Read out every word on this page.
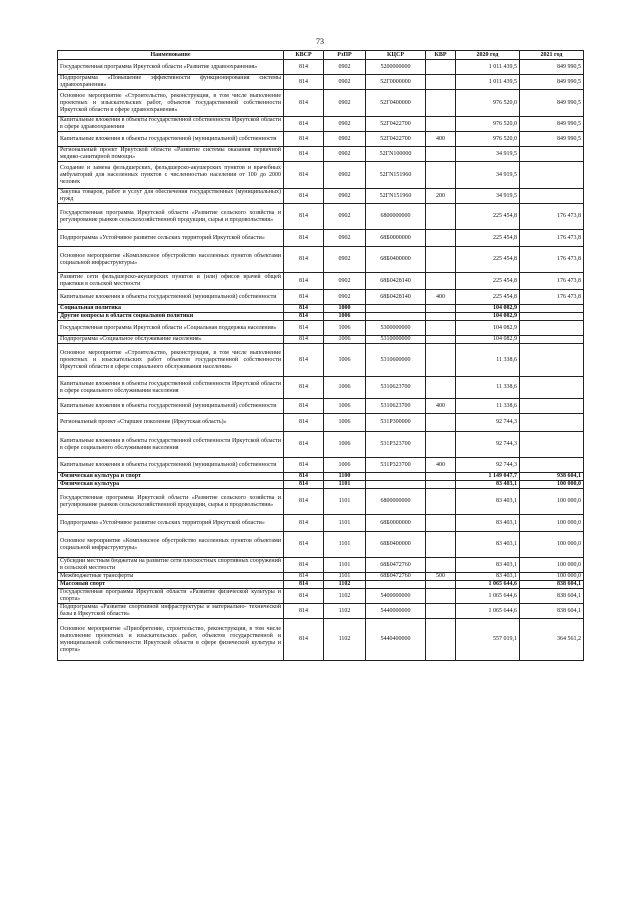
73
Наименование	КВСР	РзПР	КЦСР	КВР	2020 год	2021 год
Государственная программа Иркутской области «Развитие здравоохранения»	814	0902	5200000000		1 011 439,5	849 990,5
Подпрограмма «Повышение эффективности функционирования системы здравоохранения»	814	0902	52Г0000000		1 011 439,5	849 990,5
Основное мероприятие «Строительство, реконструкция, в том числе выполнение проектных и изыскательских работ, объектов государственной собственности Иркутской области в сфере здравоохранения»	814	0902	52Г0400000		976 520,0	849 990,5
Капитальные вложения в объекты государственной собственности Иркутской области в сфере здравоохранения	814	0902	52Г0422700		976 520,0	849 990,5
Капитальные вложения в объекты государственной (муниципальной) собственности	814	0902	52Г0422700	400	976 520,0	849 990,5
Региональный проект Иркутской области «Развитие системы оказания первичной медико-санитарной помощи»	814	0902	52ГN100000		34 919,5	
Создание и замена фельдшерских, фельдшерско-акушерских пунктов и врачебных амбулаторий для населенных пунктов с численностью населения от 100 до 2000 человек	814	0902	52ГN151960		34 919,5	
Закупка товаров, работ и услуг для обеспечения государственных (муниципальных) нужд	814	0902	52ГN151960	200	34 919,5	
Государственная программа Иркутской области «Развитие сельского хозяйства и регулирование рынков сельскохозяйственной продукции, сырья и продовольствия»	814	0902	6800000000		225 454,8	176 473,8
Подпрограмма «Устойчивое развитие сельских территорий Иркутской области»	814	0902	68Б0000000		225 454,8	176 473,8
Основное мероприятие «Комплексное обустройство населенных пунктов объектами социальной инфраструктуры»	814	0902	68Б0400000		225 454,8	176 473,8
Развитие сети фельдшерско-акушерских пунктов и (или) офисов врачей общей практики в сельской местности	814	0902	68Б0428140		225 454,8	176 473,8
Капитальные вложения в объекты государственной (муниципальной) собственности	814	0902	68Б0428140	400	225 454,8	176 473,8
Социальная политика	814	1000			104 082,9	
Другие вопросы в области социальной политики	814	1006			104 082,9	
Государственная программа Иркутской области «Социальная поддержка населения»	814	1006	5300000000		104 082,9	
Подпрограмма «Социальное обслуживание населения»	814	1006	5310000000		104 082,9	
Основное мероприятие «Строительство, реконструкция, в том числе выполнение проектных и изыскательских работ объектов государственной собственности Иркутской области в сфере социального обслуживания населения»	814	1006	5310600000		11 338,6	
Капитальные вложения в объекты государственной собственности Иркутской области в сфере социального обслуживания населения	814	1006	5310623700		11 338,6	
Капитальные вложения в объекты государственной (муниципальной) собственности	814	1006	5310623700	400	11 338,6	
Региональный проект «Старшее поколение (Иркутская область)»	814	1006	531P300000		92 744,3	
Капитальные вложения в объекты государственной собственности Иркутской области в сфере социального обслуживания населения	814	1006	531P323700		92 744,3	
Капитальные вложения в объекты государственной (муниципальной) собственности	814	1006	531P323700	400	92 744,3	
Физическая культура и спорт	814	1100			1 149 047,7	938 604,1
Физическая культура	814	1101			83 403,1	100 000,0
Государственная программа Иркутской области «Развитие сельского хозяйства и регулирование рынков сельскохозяйственной продукции, сырья и продовольствия»	814	1101	6800000000		83 403,1	100 000,0
Подпрограмма «Устойчивое развитие сельских территорий Иркутской области»	814	1101	68Б0000000		83 403,1	100 000,0
Основное мероприятие «Комплексное обустройство населенных пунктов объектами социальной инфраструктуры»	814	1101	68Б0400000		83 403,1	100 000,0
Субсидии местным бюджетам на развитие сети плоскостных спортивных сооружений в сельской местности	814	1101	68Б0472760		83 403,1	100 000,0
Межбюджетные трансферты	814	1101	68Б0472760	500	83 403,1	100 000,0
Массовый спорт	814	1102			1 065 644,6	838 604,1
Государственная программа Иркутской области «Развитие физической культуры и спорта»	814	1102	5400000000		1 065 644,6	838 604,1
Подпрограмма «Развитие спортивной инфраструктуры и материально- технической базы в Иркутской области»	814	1102	5440000000		1 065 644,6	838 604,1
Основное мероприятие «Приобретение, строительство, реконструкция, в том числе выполнение проектных и изыскательских работ, объектов государственной и муниципальной собственности Иркутской области в сфере физической культуры и спорта»	814	1102	5440400000		557 019,1	364 561,2
